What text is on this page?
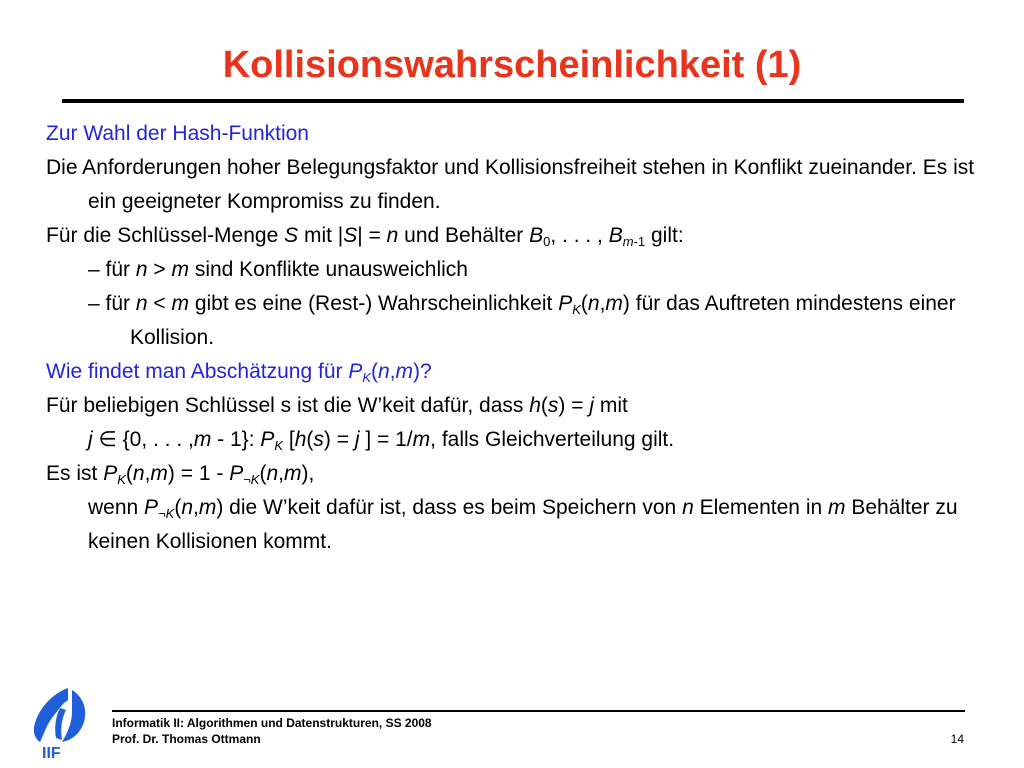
Kollisionswahrscheinlichkeit (1)

Zur Wahl der Hash-Funktion

Die Anforderungen hoher Belegungsfaktor und Kollisionsfreiheit stehen in Konflikt zueinander. Es ist ein geeigneter Kompromiss zu finden.

Für die Schlüssel-Menge S mit |S| = n und Behälter $B_0$, . . . , $B_{m-1}$ gilt:

– für n > m sind Konflikte unausweichlich

– für n < m gibt es eine (Rest-) Wahrscheinlichkeit $P_K(n,m)$ für das Auftreten mindestens einer Kollision.

Wie findet man Abschätzung für $P_K(n,m)$?

Für beliebigen Schlüssel s ist die W’keit dafür, dass h(s) = j mit

j ∈ {0, . . . ,m - 1}: $P_K$ [h(s) = j ] = 1/m, falls Gleichverteilung gilt.

Es ist $P_K(n,m) = 1 - P_{\neg K}(n,m)$,

wenn $P_{\neg K}(n,m)$ die W’keit dafür ist, dass es beim Speichern von n Elementen in m Behälter zu keinen Kollisionen kommt.

IIF
Informatik II: Algorithmen und Datenstrukturen, SS 2008
Prof. Dr. Thomas Ottmann	14
